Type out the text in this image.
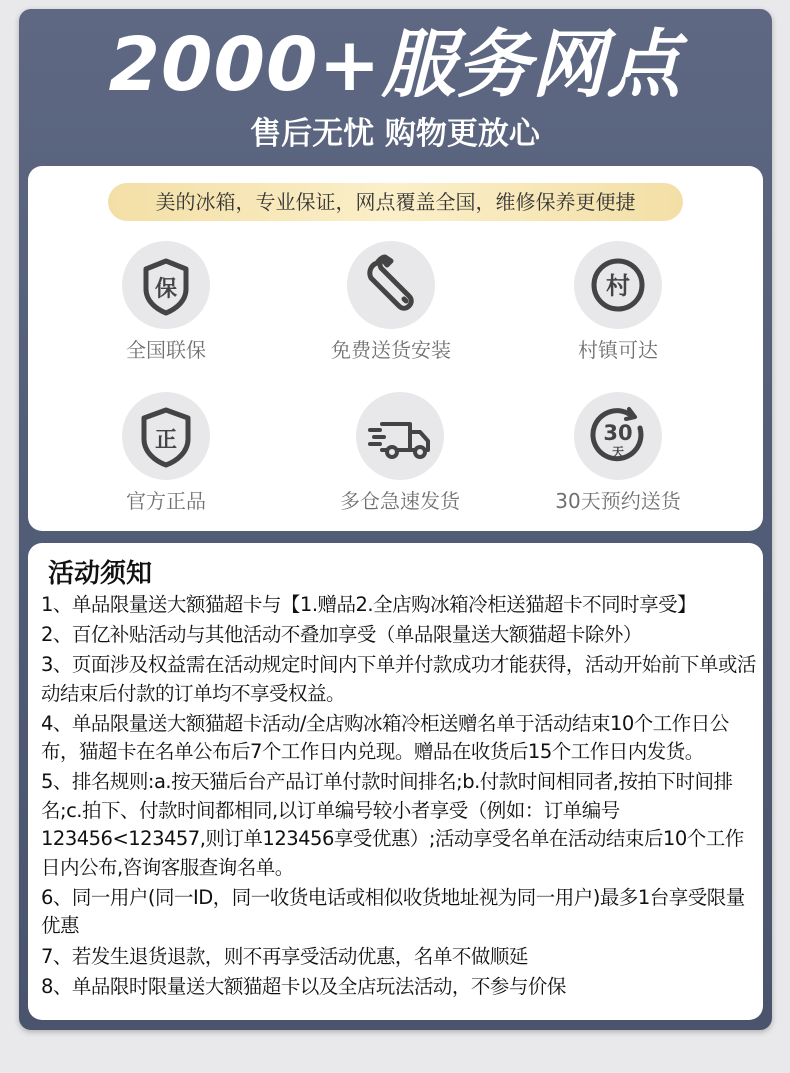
2000+服务网点
售后无忧 购物更放心
美的冰箱，专业保证，网点覆盖全国，维修保养更便捷
保
全国联保	免费送货安装
村
村镇可达
正
官方正品	多仓急速发货
30
天
30天预约送货
活动须知
1、单品限量送大额猫超卡与【1.赠品2.全店购冰箱冷柜送猫超卡不同时享受】
2、百亿补贴活动与其他活动不叠加享受（单品限量送大额猫超卡除外）
3、页面涉及权益需在活动规定时间内下单并付款成功才能获得，活动开始前下单或活动结束后付款的订单均不享受权益。
4、单品限量送大额猫超卡活动/全店购冰箱冷柜送赠名单于活动结束10个工作日公布，猫超卡在名单公布后7个工作日内兑现。赠品在收货后15个工作日内发货。
5、排名规则:a.按天猫后台产品订单付款时间排名;b.付款时间相同者,按拍下时间排名;c.拍下、付款时间都相同,以订单编号较小者享受（例如：订单编号123456<123457,则订单123456享受优惠）;活动享受名单在活动结束后10个工作日内公布,咨询客服查询名单。
6、同一用户(同一ID，同一收货电话或相似收货地址视为同一用户)最多1台享受限量优惠
7、若发生退货退款，则不再享受活动优惠，名单不做顺延
8、单品限时限量送大额猫超卡以及全店玩法活动，不参与价保
